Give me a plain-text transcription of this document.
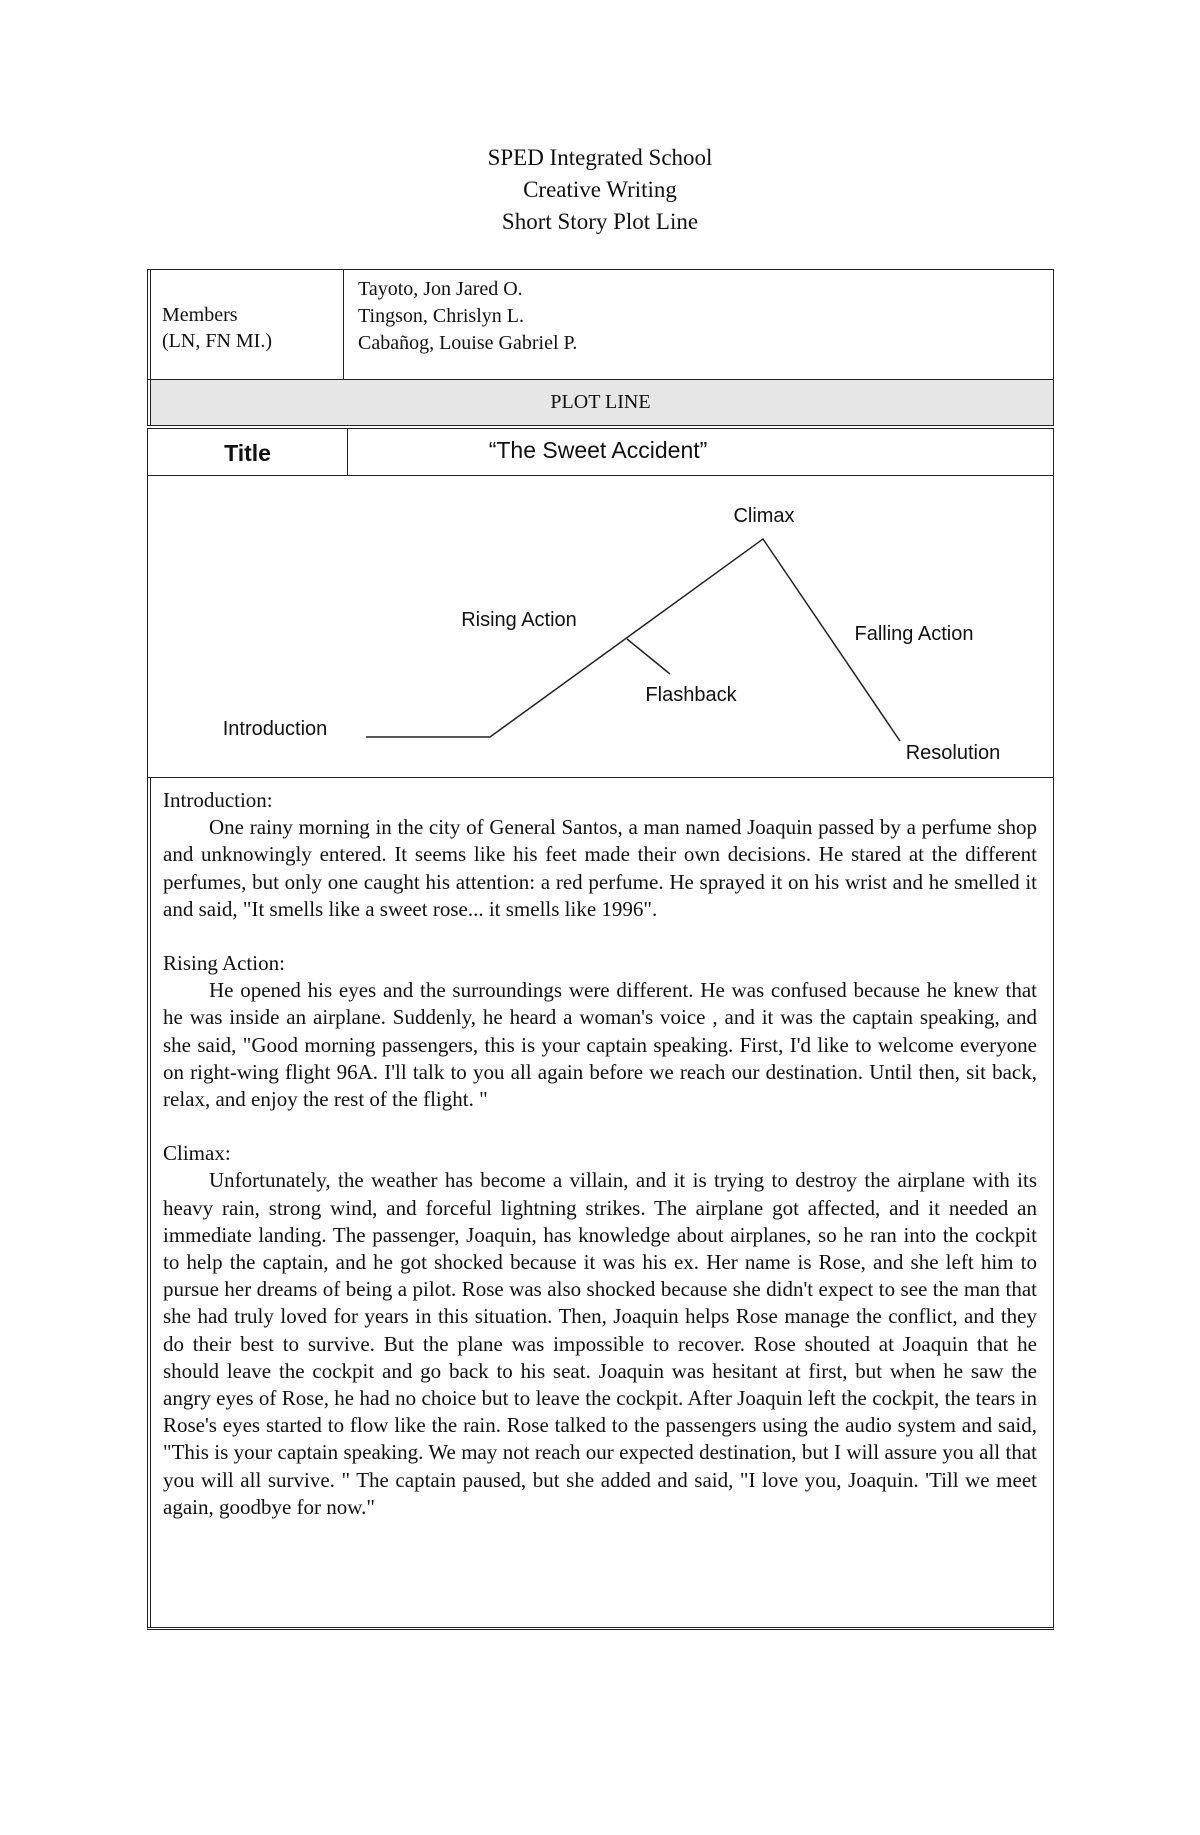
SPED Integrated School
Creative Writing
Short Story Plot Line
Members
(LN, FN MI.)
Tayoto, Jon Jared O.
Tingson, Chrislyn L.
Cabañog, Louise Gabriel P.
PLOT LINE
Title	“The Sweet Accident”
Climax
Rising Action
Falling Action
Flashback
Introduction
Resolution
Introduction:

One rainy morning in the city of General Santos, a man named Joaquin passed by a perfume shop and unknowingly entered. It seems like his feet made their own decisions. He stared at the different perfumes, but only one caught his attention: a red perfume. He sprayed it on his wrist and he smelled it and said, "It smells like a sweet rose... it smells like 1996".

Rising Action:

He opened his eyes and the surroundings were different. He was confused because he knew that he was inside an airplane. Suddenly, he heard a woman's voice , and it was the captain speaking, and she said, "Good morning passengers, this is your captain speaking. First, I'd like to welcome everyone on right-wing flight 96A. I'll talk to you all again before we reach our destination. Until then, sit back, relax, and enjoy the rest of the flight. "

Climax:

Unfortunately, the weather has become a villain, and it is trying to destroy the airplane with its heavy rain, strong wind, and forceful lightning strikes. The airplane got affected, and it needed an immediate landing. The passenger, Joaquin, has knowledge about airplanes, so he ran into the cockpit to help the captain, and he got shocked because it was his ex. Her name is Rose, and she left him to pursue her dreams of being a pilot. Rose was also shocked because she didn't expect to see the man that she had truly loved for years in this situation. Then, Joaquin helps Rose manage the conflict, and they do their best to survive. But the plane was impossible to recover. Rose shouted at Joaquin that he should leave the cockpit and go back to his seat. Joaquin was hesitant at first, but when he saw the angry eyes of Rose, he had no choice but to leave the cockpit. After Joaquin left the cockpit, the tears in Rose's eyes started to flow like the rain. Rose talked to the passengers using the audio system and said, "This is your captain speaking. We may not reach our expected destination, but I will assure you all that you will all survive. " The captain paused, but she added and said, "I love you, Joaquin. 'Till we meet again, goodbye for now."
